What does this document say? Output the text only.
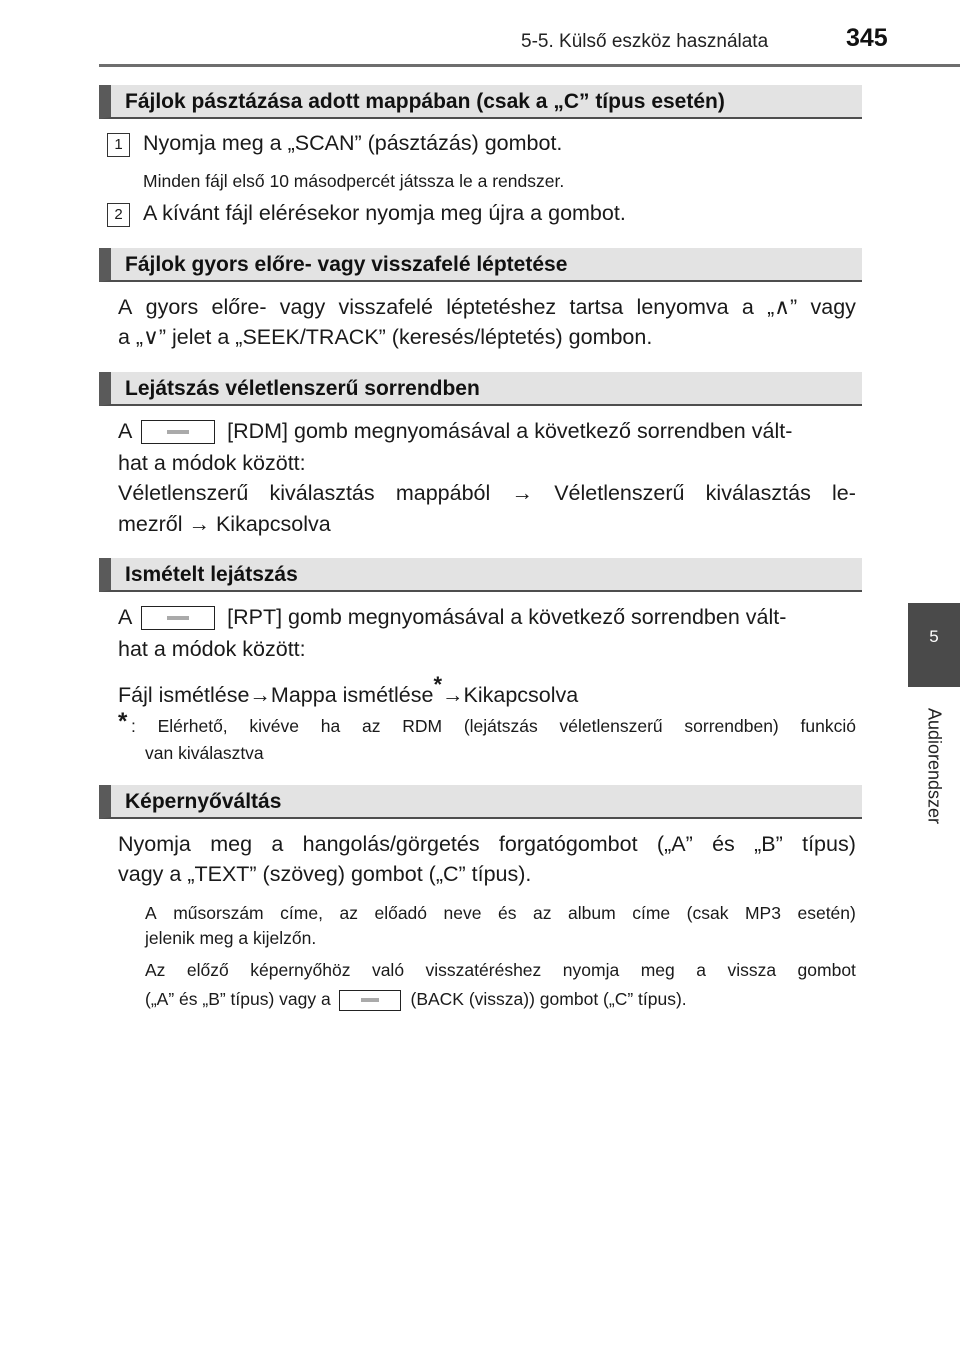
5-5. Külső eszköz használata	345
5
Audiorendszer
Fájlok pásztázása adott mappában (csak a „C” típus esetén)
1 Nyomja meg a „SCAN” (pásztázás) gombot.
Minden fájl első 10 másodpercét játssza le a rendszer.
2 A kívánt fájl elérésekor nyomja meg újra a gombot.
Fájlok gyors előre- vagy visszafelé léptetése
A gyors előre- vagy visszafelé léptetéshez tartsa lenyomva a „∧” vagy
a „∨” jelet a „SEEK/TRACK” (keresés/léptetés) gombon.
Lejátszás véletlenszerű sorrendben
A	[RDM] gomb megnyomásával a következő sorrendben vált-
hat a módok között:
Véletlenszerű kiválasztás mappából → Véletlenszerű kiválasztás le-
mezről → Kikapcsolva
Ismételt lejátszás
A	[RPT] gomb megnyomásával a következő sorrendben vált-
hat a módok között:
Fájl ismétlése→Mappa ismétlése*→Kikapcsolva
* : Elérhető, kivéve ha az RDM (lejátszás véletlenszerű sorrendben) funkció
van kiválasztva
Képernyőváltás
Nyomja meg a hangolás/görgetés forgatógombot („A” és „B” típus)
vagy a „TEXT” (szöveg) gombot („C” típus).
A műsorszám címe, az előadó neve és az album címe (csak MP3 esetén)
jelenik meg a kijelzőn.
Az előző képernyőhöz való visszatéréshez nyomja meg a vissza gombot
(„A” és „B” típus) vagy a	(BACK (vissza)) gombot („C” típus).
